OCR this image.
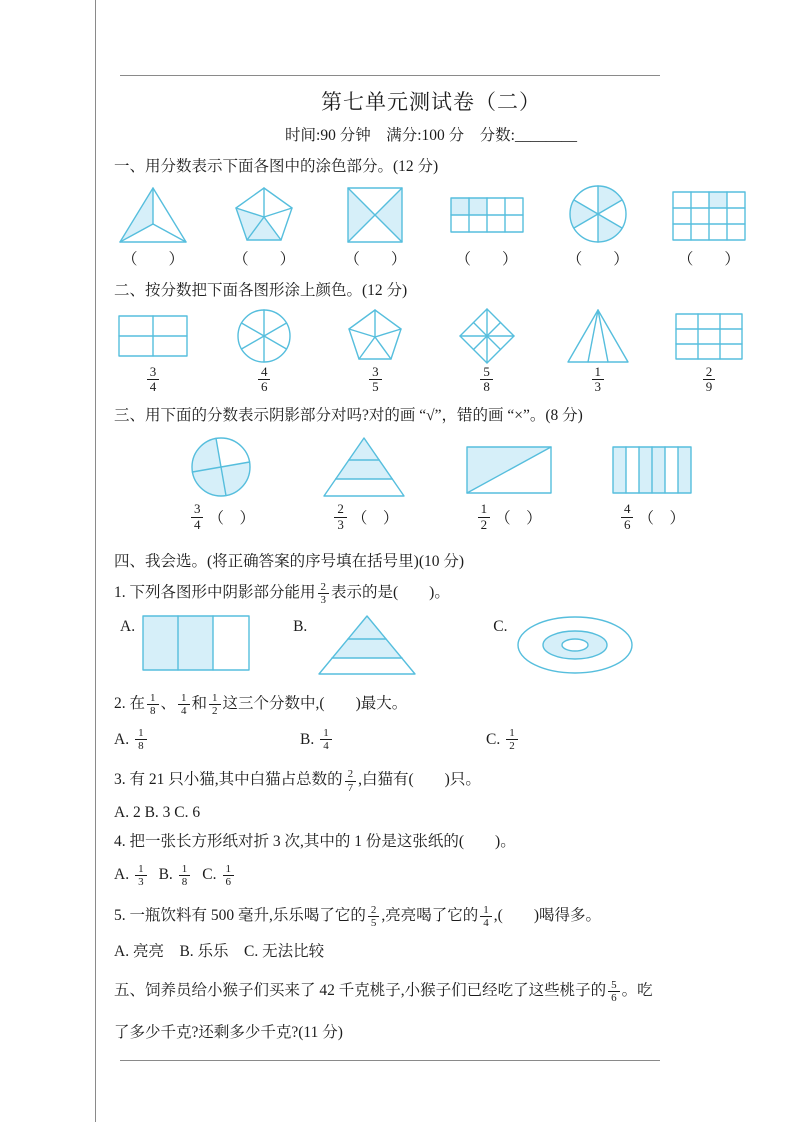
第七单元测试卷（二）
时间:90 分钟　满分:100 分　分数:________
一、用分数表示下面各图中的涂色部分。(12 分)
（　　）	（　　）	（　　）	（　　）	（　　）	（　　）
二、按分数把下面各图形涂上颜色。(12 分)
$\frac{3}{4}$	$\frac{4}{6}$	$\frac{3}{5}$	$\frac{5}{8}$	$\frac{1}{3}$	$\frac{2}{9}$
三、用下面的分数表示阴影部分对吗?对的画 “√”，错的画 “×”。(8 分)
$\frac{3}{4}$ （　）	$\frac{2}{3}$ （　）	$\frac{1}{2}$ （　）	$\frac{4}{6}$ （　）
四、我会选。(将正确答案的序号填在括号里)(10 分)
1. 下列各图形中阴影部分能用 $\frac{2}{3}$ 表示的是(　　)。
A.	B.	C.
2. 在 $\frac{1}{8}$ 、 $\frac{1}{4}$ 和 $\frac{1}{2}$ 这三个分数中,(　　)最大。
A. $\frac{1}{8}$	B. $\frac{1}{4}$	C. $\frac{1}{2}$
3. 有 21 只小猫,其中白猫占总数的 $\frac{2}{7}$ ,白猫有(　　)只。
A. 2 B. 3 C. 6
4. 把一张长方形纸对折 3 次,其中的 1 份是这张纸的(　　)。
A. $\frac{1}{3} B$. $\frac{1}{8} C$. $\frac{1}{6}$
5. 一瓶饮料有 500 毫升,乐乐喝了它的 $\frac{2}{5}$ ,亮亮喝了它的 $\frac{1}{4}$ ,(　　)喝得多。
A. 亮亮　B. 乐乐　C. 无法比较
五、饲养员给小猴子们买来了 42 千克桃子,小猴子们已经吃了这些桃子的 $\frac{5}{6}$ 。吃
了多少千克?还剩多少千克?(11 分)
